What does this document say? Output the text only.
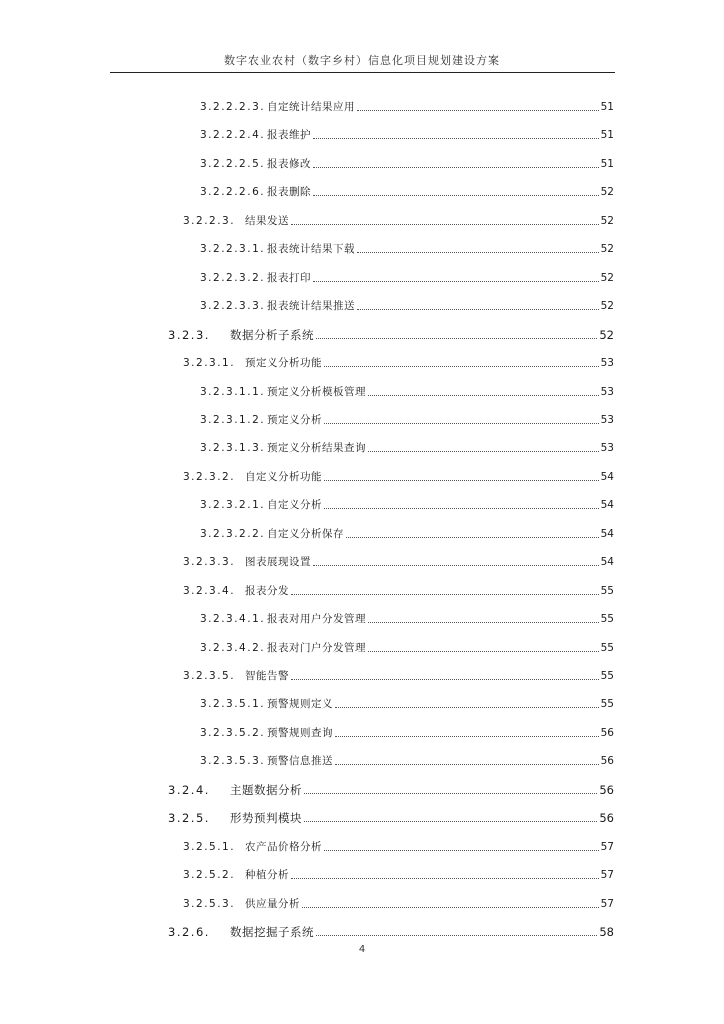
数字农业农村（数字乡村）信息化项目规划建设方案
3.2.2.2.3. 自定统计结果应用	51
3.2.2.2.4. 报表维护	51
3.2.2.2.5. 报表修改	51
3.2.2.2.6. 报表删除	52
3.2.2.3. 结果发送	52
3.2.2.3.1. 报表统计结果下载	52
3.2.2.3.2. 报表打印	52
3.2.2.3.3. 报表统计结果推送	52
3.2.3.	数据分析子系统	52
3.2.3.1. 预定义分析功能	53
3.2.3.1.1. 预定义分析模板管理	53
3.2.3.1.2. 预定义分析	53
3.2.3.1.3. 预定义分析结果查询	53
3.2.3.2. 自定义分析功能	54
3.2.3.2.1. 自定义分析	54
3.2.3.2.2. 自定义分析保存	54
3.2.3.3. 图表展现设置	54
3.2.3.4. 报表分发	55
3.2.3.4.1. 报表对用户分发管理	55
3.2.3.4.2. 报表对门户分发管理	55
3.2.3.5. 智能告警	55
3.2.3.5.1. 预警规则定义	55
3.2.3.5.2. 预警规则查询	56
3.2.3.5.3. 预警信息推送	56
3.2.4.	主题数据分析	56
3.2.5.	形势预判模块	56
3.2.5.1. 农产品价格分析	57
3.2.5.2. 种植分析	57
3.2.5.3. 供应量分析	57
3.2.6.	数据挖掘子系统	58
4
